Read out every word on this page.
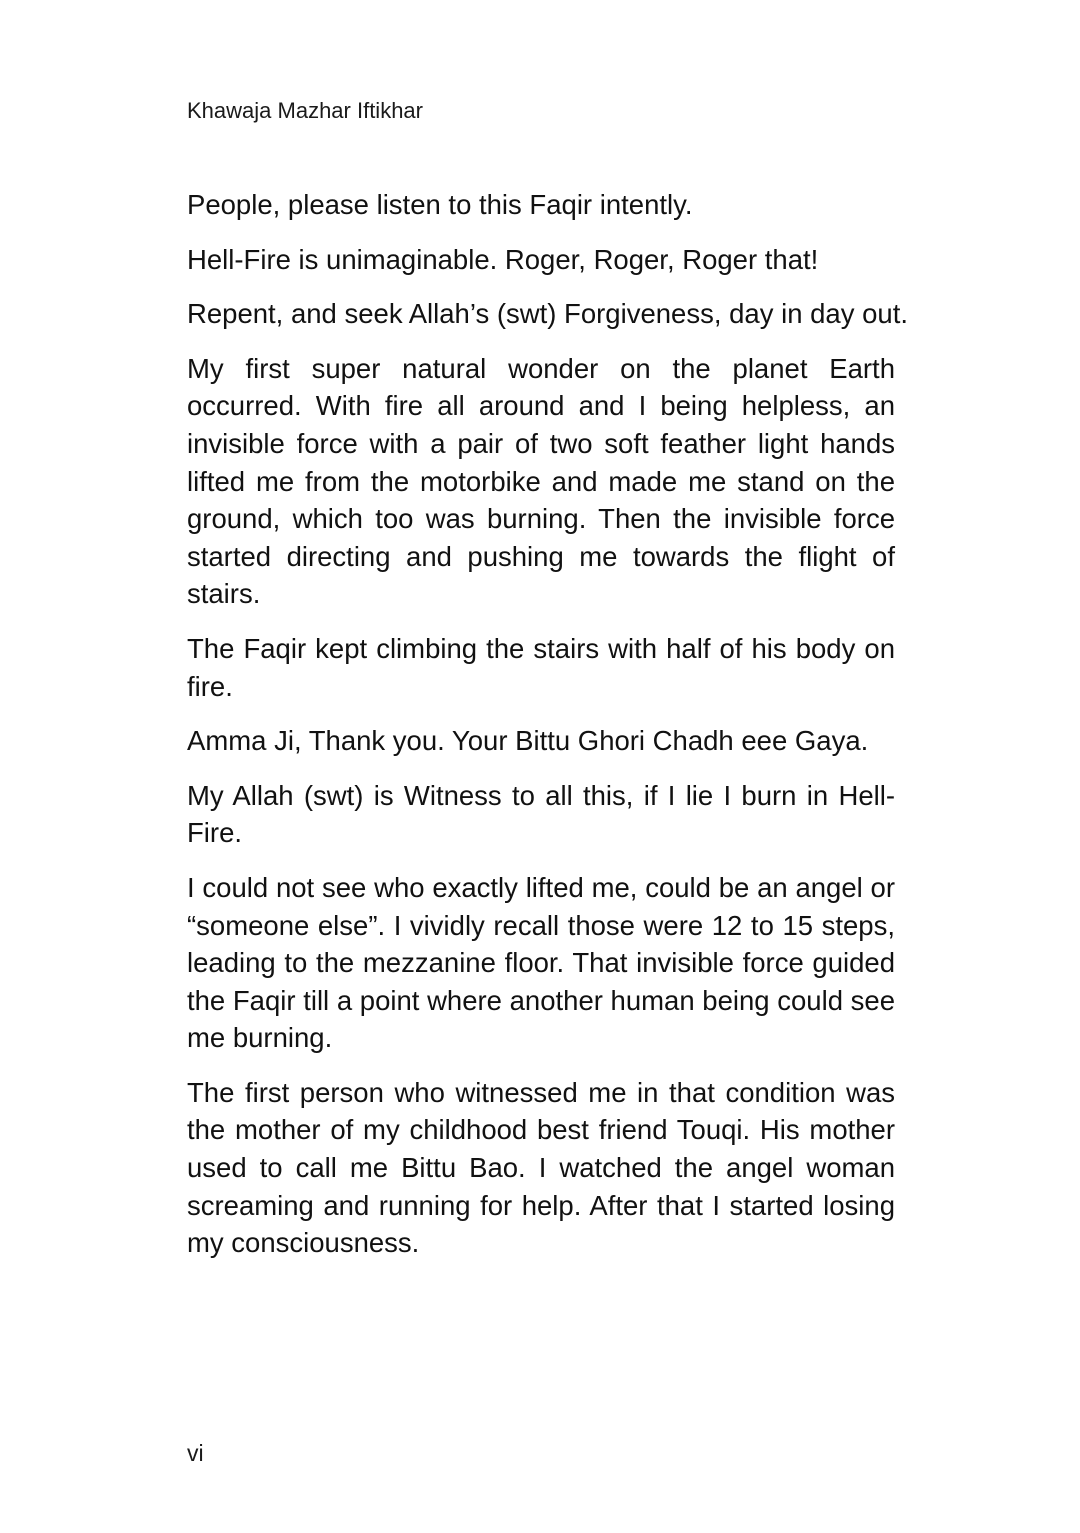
Khawaja Mazhar Iftikhar

People, please listen to this Faqir intently.

Hell-Fire is unimaginable. Roger, Roger, Roger that!

Repent, and seek Allah’s (swt) Forgiveness, day in day out.

My first super natural wonder on the planet Earth occurred. With fire all around and I being helpless, an invisible force with a pair of two soft feather light hands lifted me from the motorbike and made me stand on the ground, which too was burning. Then the invisible force started directing and pushing me towards the flight of stairs.

The Faqir kept climbing the stairs with half of his body on fire.

Amma Ji, Thank you. Your Bittu Ghori Chadh eee Gaya.

My Allah (swt) is Witness to all this, if I lie I burn in Hell-Fire.

I could not see who exactly lifted me, could be an angel or “someone else”. I vividly recall those were 12 to 15 steps, leading to the mezzanine floor. That invisible force guided the Faqir till a point where another human being could see me burning.

The first person who witnessed me in that condition was the mother of my childhood best friend Touqi. His mother used to call me Bittu Bao. I watched the angel woman screaming and running for help. After that I started losing my consciousness.

vi
